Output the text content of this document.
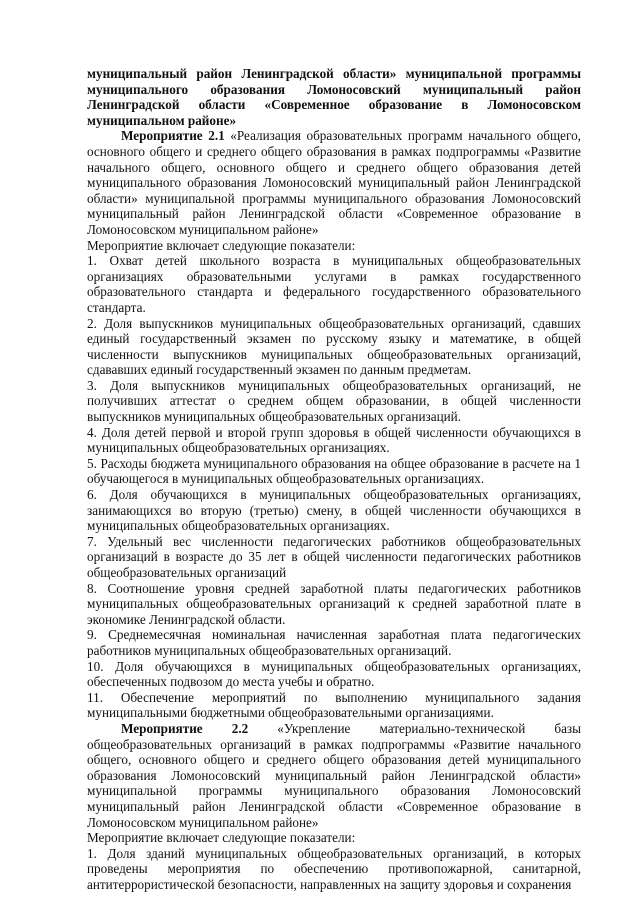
муниципальный район Ленинградской области» муниципальной программы муниципального образования Ломоносовский муниципальный район Ленинградской области «Современное образование в Ломоносовском муниципальном районе»

Мероприятие 2.1 «Реализация образовательных программ начального общего, основного общего и среднего общего образования в рамках подпрограммы «Развитие начального общего, основного общего и среднего общего образования детей муниципального образования Ломоносовский муниципальный район Ленинградской области» муниципальной программы муниципального образования Ломоносовский муниципальный район Ленинградской области «Современное образование в Ломоносовском муниципальном районе»

Мероприятие включает следующие показатели:

1. Охват детей школьного возраста в муниципальных общеобразовательных организациях образовательными услугами в рамках государственного образовательного стандарта и федерального государственного образовательного стандарта.

2. Доля выпускников муниципальных общеобразовательных организаций, сдавших единый государственный экзамен по русскому языку и математике, в общей численности выпускников муниципальных общеобразовательных организаций, сдававших единый государственный экзамен по данным предметам.

3. Доля выпускников муниципальных общеобразовательных организаций, не получивших аттестат о среднем общем образовании, в общей численности выпускников муниципальных общеобразовательных организаций.

4. Доля детей первой и второй групп здоровья в общей численности обучающихся в муниципальных общеобразовательных организациях.

5. Расходы бюджета муниципального образования на общее образование в расчете на 1 обучающегося в муниципальных общеобразовательных организациях.

6. Доля обучающихся в муниципальных общеобразовательных организациях, занимающихся во вторую (третью) смену, в общей численности обучающихся в муниципальных общеобразовательных организациях.

7. Удельный вес численности педагогических работников общеобразовательных организаций в возрасте до 35 лет в общей численности педагогических работников общеобразовательных организаций

8. Соотношение уровня средней заработной платы педагогических работников муниципальных общеобразовательных организаций к средней заработной плате в экономике Ленинградской области.

9. Среднемесячная номинальная начисленная заработная плата педагогических работников муниципальных общеобразовательных организаций.

10. Доля обучающихся в муниципальных общеобразовательных организациях, обеспеченных подвозом до места учебы и обратно.

11. Обеспечение мероприятий по выполнению муниципального задания муниципальными бюджетными общеобразовательными организациями.

Мероприятие 2.2 «Укрепление материально-технической базы общеобразовательных организаций в рамках подпрограммы «Развитие начального общего, основного общего и среднего общего образования детей муниципального образования Ломоносовский муниципальный район Ленинградской области» муниципальной программы муниципального образования Ломоносовский муниципальный район Ленинградской области «Современное образование в Ломоносовском муниципальном районе»

Мероприятие включает следующие показатели:

1. Доля зданий муниципальных общеобразовательных организаций, в которых проведены мероприятия по обеспечению противопожарной, санитарной, антитеррористической безопасности, направленных на защиту здоровья и сохранения
